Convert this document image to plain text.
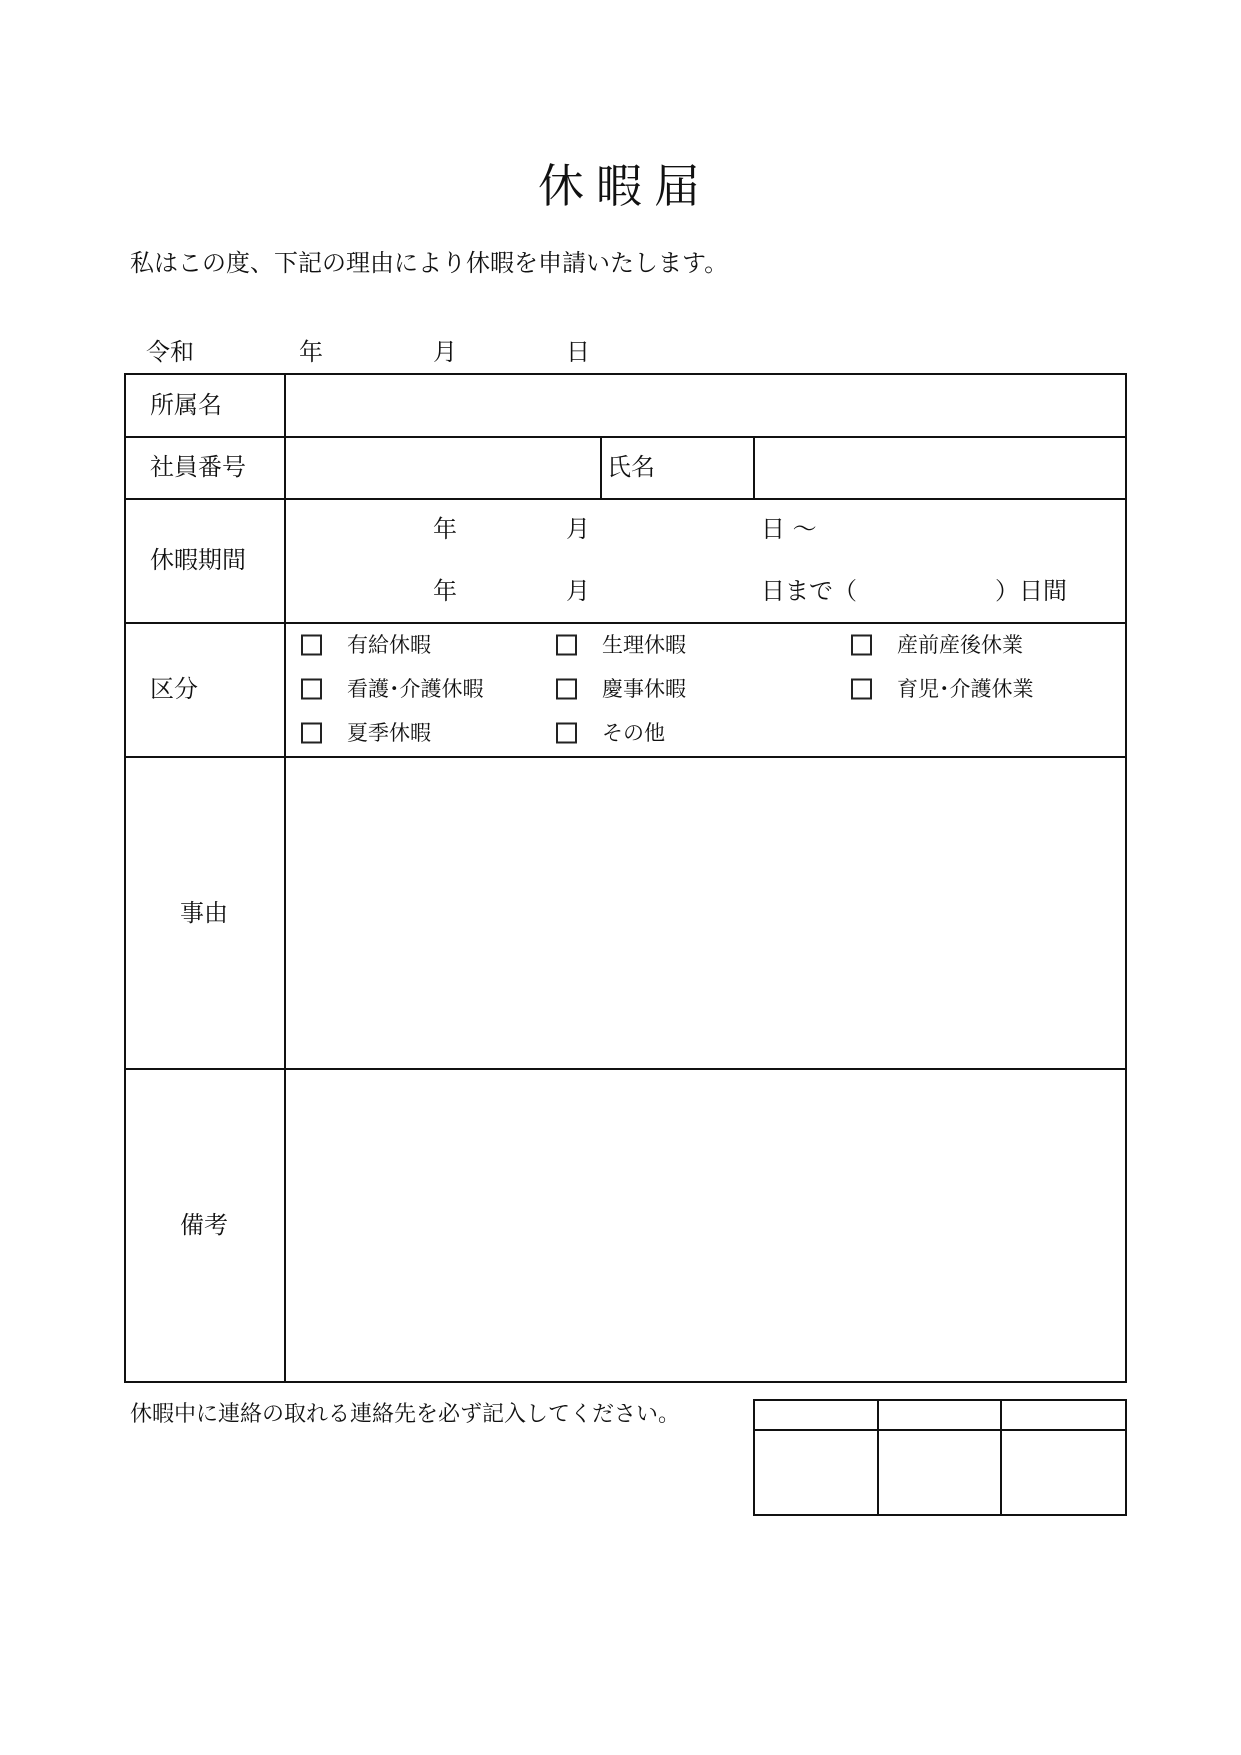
休暇届
私はこの度、下記の理由により休暇を申請いたします。
令和	年	月	日
所属名
社員番号	氏名
休暇期間
年	月	日 ～
年	月	日まで（	）日間
区分
有給休暇	生理休暇	産前産後休業
看護･介護休暇	慶事休暇	育児･介護休業
夏季休暇	その他
事由
備考
休暇中に連絡の取れる連絡先を必ず記入してください。
